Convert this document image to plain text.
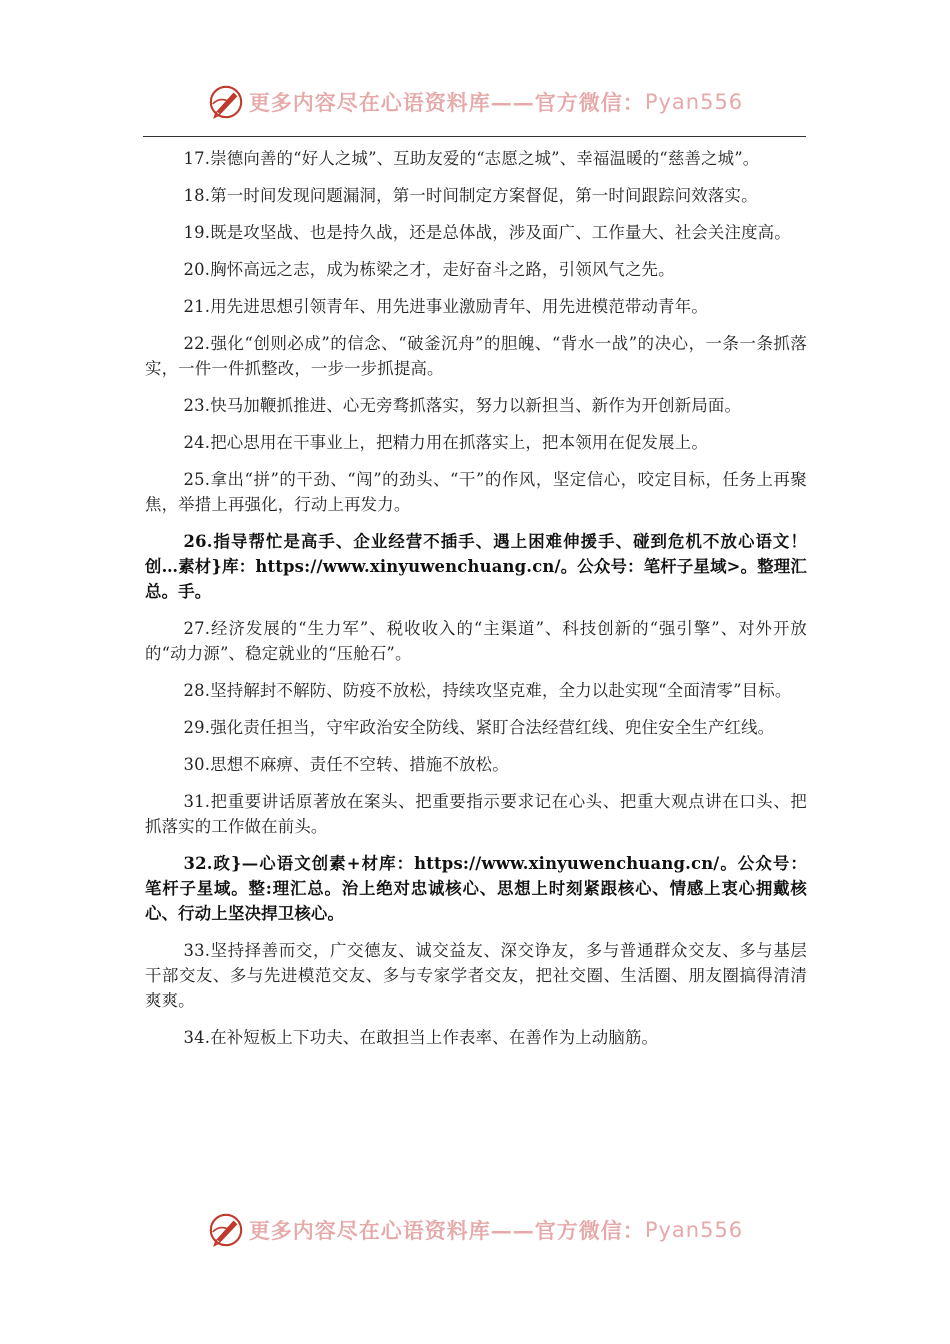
更多内容尽在心语资料库——官方微信： Pyan556

17.崇德向善的“好人之城”、互助友爱的“志愿之城”、幸福温暖的“慈善之城”。

18.第一时间发现问题漏洞，第一时间制定方案督促，第一时间跟踪问效落实。

19.既是攻坚战、也是持久战，还是总体战，涉及面广、工作量大、社会关注度高。

20.胸怀高远之志，成为栋梁之才，走好奋斗之路，引领风气之先。

21.用先进思想引领青年、用先进事业激励青年、用先进模范带动青年。

22.强化“创则必成”的信念、“破釜沉舟”的胆魄、“背水一战”的决心，一条一条抓落实，一件一件抓整改，一步一步抓提高。

23.快马加鞭抓推进、心无旁骛抓落实，努力以新担当、新作为开创新局面。

24.把心思用在干事业上，把精力用在抓落实上，把本领用在促发展上。

25.拿出“拼”的干劲、“闯”的劲头、“干”的作风，坚定信心，咬定目标，任务上再聚焦，举措上再强化，行动上再发力。

26.指导帮忙是高手、企业经营不插手、遇上困难伸援手、碰到危机不放心语文！创…素材}库：https://www.xinyuwenchuang.cn/。公众号：笔杆子星域>。整理汇总。手。

27.经济发展的“生力军”、税收收入的“主渠道”、科技创新的“强引擎”、对外开放的“动力源”、稳定就业的“压舱石”。

28.坚持解封不解防、防疫不放松，持续攻坚克难，全力以赴实现“全面清零”目标。

29.强化责任担当，守牢政治安全防线、紧盯合法经营红线、兜住安全生产红线。

30.思想不麻痹、责任不空转、措施不放松。

31.把重要讲话原著放在案头、把重要指示要求记在心头、把重大观点讲在口头、把抓落实的工作做在前头。

32.政}—心语文创素+材库：https://www.xinyuwenchuang.cn/。公众号：笔杆子星域。整:理汇总。治上绝对忠诚核心、思想上时刻紧跟核心、情感上衷心拥戴核心、行动上坚决捍卫核心。

33.坚持择善而交，广交德友、诚交益友、深交诤友，多与普通群众交友、多与基层干部交友、多与先进模范交友、多与专家学者交友，把社交圈、生活圈、朋友圈搞得清清爽爽。

34.在补短板上下功夫、在敢担当上作表率、在善作为上动脑筋。

更多内容尽在心语资料库——官方微信： Pyan556
